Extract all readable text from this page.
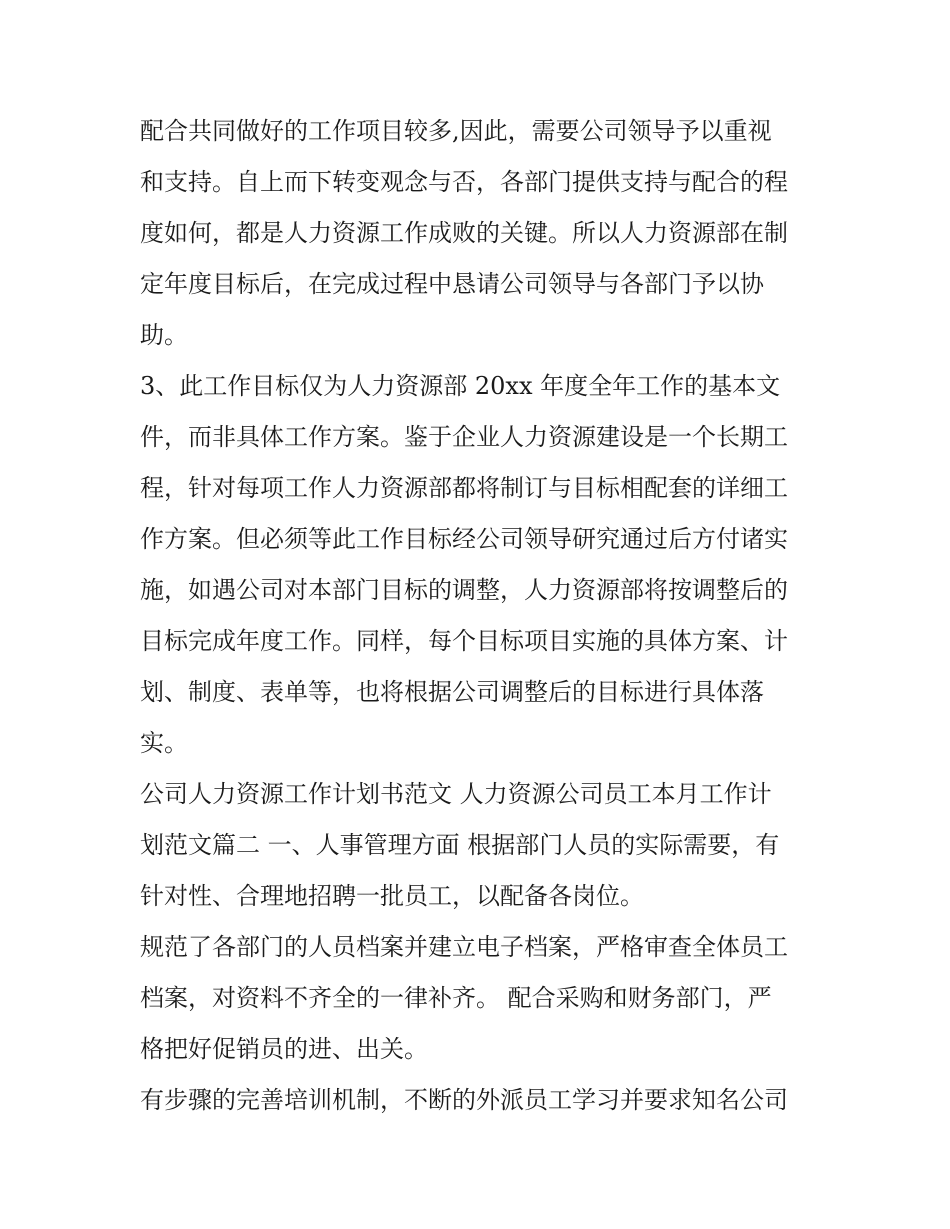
配合共同做好的工作项目较多,因此，需要公司领导予以重视
和支持。自上而下转变观念与否，各部门提供支持与配合的程
度如何，都是人力资源工作成败的关键。所以人力资源部在制
定年度目标后，在完成过程中恳请公司领导与各部门予以协
助。
3、此工作目标仅为人力资源部 20xx 年度全年工作的基本文
件，而非具体工作方案。鉴于企业人力资源建设是一个长期工
程，针对每项工作人力资源部都将制订与目标相配套的详细工
作方案。但必须等此工作目标经公司领导研究通过后方付诸实
施，如遇公司对本部门目标的调整，人力资源部将按调整后的
目标完成年度工作。同样，每个目标项目实施的具体方案、计
划、制度、表单等，也将根据公司调整后的目标进行具体落
实。
公司人力资源工作计划书范文 人力资源公司员工本月工作计
划范文篇二 一、人事管理方面 根据部门人员的实际需要，有
针对性、合理地招聘一批员工，以配备各岗位。
规范了各部门的人员档案并建立电子档案，严格审查全体员工
档案，对资料不齐全的一律补齐。 配合采购和财务部门，严
格把好促销员的进、出关。
有步骤的完善培训机制，不断的外派员工学习并要求知名公司
